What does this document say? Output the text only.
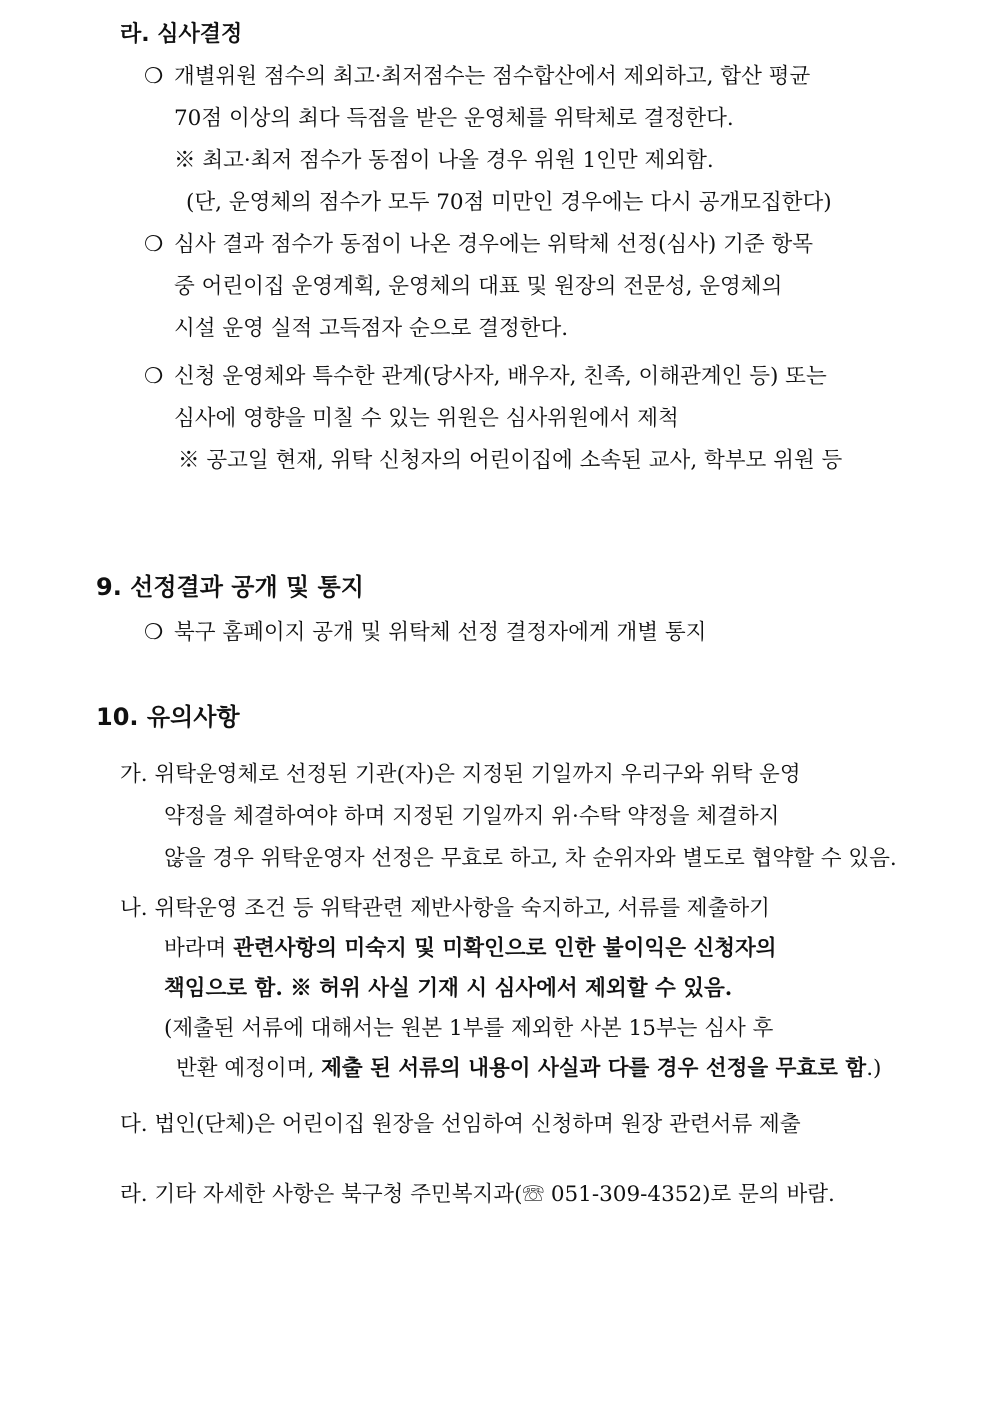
라. 심사결정
❍ 개별위원 점수의 최고·최저점수는 점수합산에서 제외하고, 합산 평균
70점 이상의 최다 득점을 받은 운영체를 위탁체로 결정한다.
※ 최고·최저 점수가 동점이 나올 경우 위원 1인만 제외함.
(단, 운영체의 점수가 모두 70점 미만인 경우에는 다시 공개모집한다)
❍ 심사 결과 점수가 동점이 나온 경우에는 위탁체 선정(심사) 기준 항목
중 어린이집 운영계획, 운영체의 대표 및 원장의 전문성, 운영체의
시설 운영 실적 고득점자 순으로 결정한다.
❍ 신청 운영체와 특수한 관계(당사자, 배우자, 친족, 이해관계인 등) 또는
심사에 영향을 미칠 수 있는 위원은 심사위원에서 제척
※ 공고일 현재, 위탁 신청자의 어린이집에 소속된 교사, 학부모 위원 등
9. 선정결과 공개 및 통지
❍ 북구 홈페이지 공개 및 위탁체 선정 결정자에게 개별 통지
10. 유의사항
가. 위탁운영체로 선정된 기관(자)은 지정된 기일까지 우리구와 위탁 운영
약정을 체결하여야 하며 지정된 기일까지 위·수탁 약정을 체결하지
않을 경우 위탁운영자 선정은 무효로 하고, 차 순위자와 별도로 협약할 수 있음.
나. 위탁운영 조건 등 위탁관련 제반사항을 숙지하고, 서류를 제출하기
바라며 관련사항의 미숙지 및 미확인으로 인한 불이익은 신청자의
책임으로 함. ※ 허위 사실 기재 시 심사에서 제외할 수 있음.
(제출된 서류에 대해서는 원본 1부를 제외한 사본 15부는 심사 후
반환 예정이며, 제출 된 서류의 내용이 사실과 다를 경우 선정을 무효로 함.)
다. 법인(단체)은 어린이집 원장을 선임하여 신청하며 원장 관련서류 제출
라. 기타 자세한 사항은 북구청 주민복지과(☏ 051-309-4352)로 문의 바람.
